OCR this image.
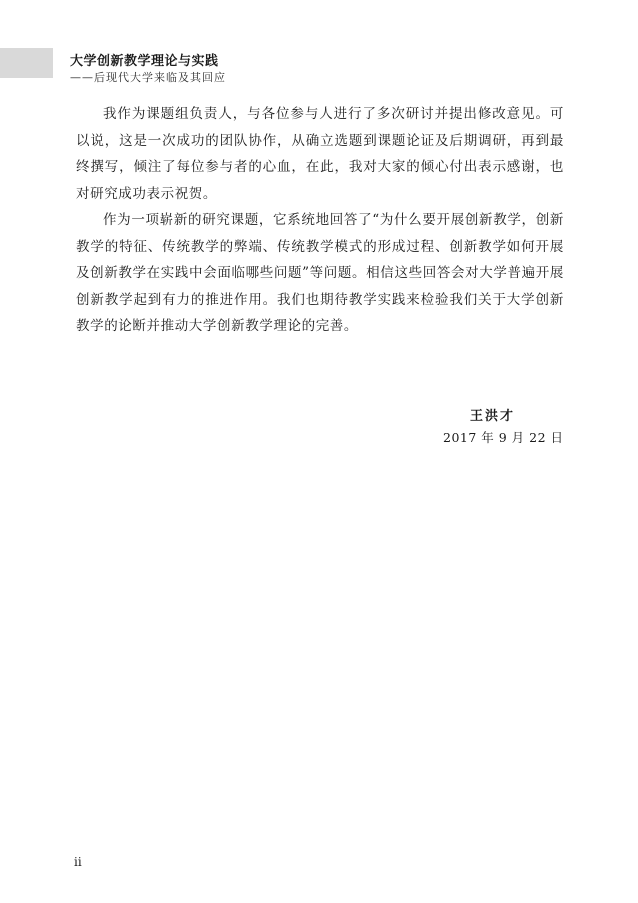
大学创新教学理论与实践
——后现代大学来临及其回应

我作为课题组负责人，与各位参与人进行了多次研讨并提出修改意见。可以说，这是一次成功的团队协作，从确立选题到课题论证及后期调研，再到最终撰写，倾注了每位参与者的心血，在此，我对大家的倾心付出表示感谢，也对研究成功表示祝贺。

作为一项崭新的研究课题，它系统地回答了“为什么要开展创新教学，创新教学的特征、传统教学的弊端、传统教学模式的形成过程、创新教学如何开展及创新教学在实践中会面临哪些问题”等问题。相信这些回答会对大学普遍开展创新教学起到有力的推进作用。我们也期待教学实践来检验我们关于大学创新教学的论断并推动大学创新教学理论的完善。

王洪才
2017 年 9 月 22 日
ii
